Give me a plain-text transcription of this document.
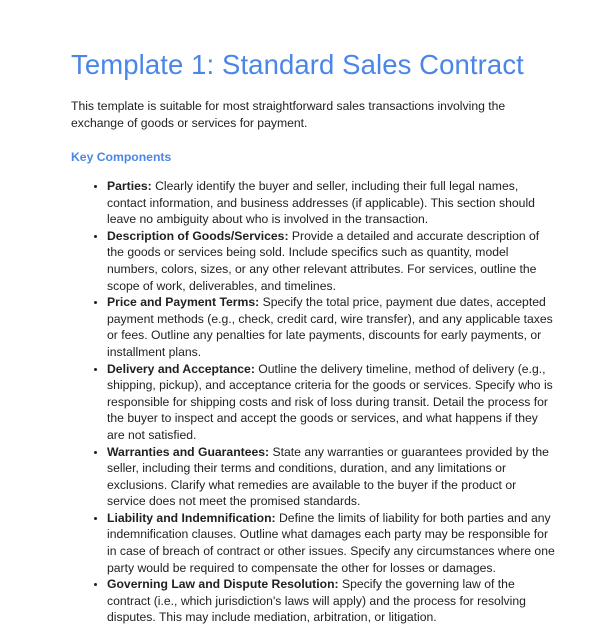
Template 1: Standard Sales Contract

This template is suitable for most straightforward sales transactions involving the exchange of goods or services for payment.

Key Components
• Parties: Clearly identify the buyer and seller, including their full legal names, contact information, and business addresses (if applicable). This section should leave no ambiguity about who is involved in the transaction.
• Description of Goods/Services: Provide a detailed and accurate description of the goods or services being sold. Include specifics such as quantity, model numbers, colors, sizes, or any other relevant attributes. For services, outline the scope of work, deliverables, and timelines.
• Price and Payment Terms: Specify the total price, payment due dates, accepted payment methods (e.g., check, credit card, wire transfer), and any applicable taxes or fees. Outline any penalties for late payments, discounts for early payments, or installment plans.
• Delivery and Acceptance: Outline the delivery timeline, method of delivery (e.g., shipping, pickup), and acceptance criteria for the goods or services. Specify who is responsible for shipping costs and risk of loss during transit. Detail the process for the buyer to inspect and accept the goods or services, and what happens if they are not satisfied.
• Warranties and Guarantees: State any warranties or guarantees provided by the seller, including their terms and conditions, duration, and any limitations or exclusions. Clarify what remedies are available to the buyer if the product or service does not meet the promised standards.
• Liability and Indemnification: Define the limits of liability for both parties and any indemnification clauses. Outline what damages each party may be responsible for in case of breach of contract or other issues. Specify any circumstances where one party would be required to compensate the other for losses or damages.
• Governing Law and Dispute Resolution: Specify the governing law of the contract (i.e., which jurisdiction's laws will apply) and the process for resolving disputes. This may include mediation, arbitration, or litigation.
